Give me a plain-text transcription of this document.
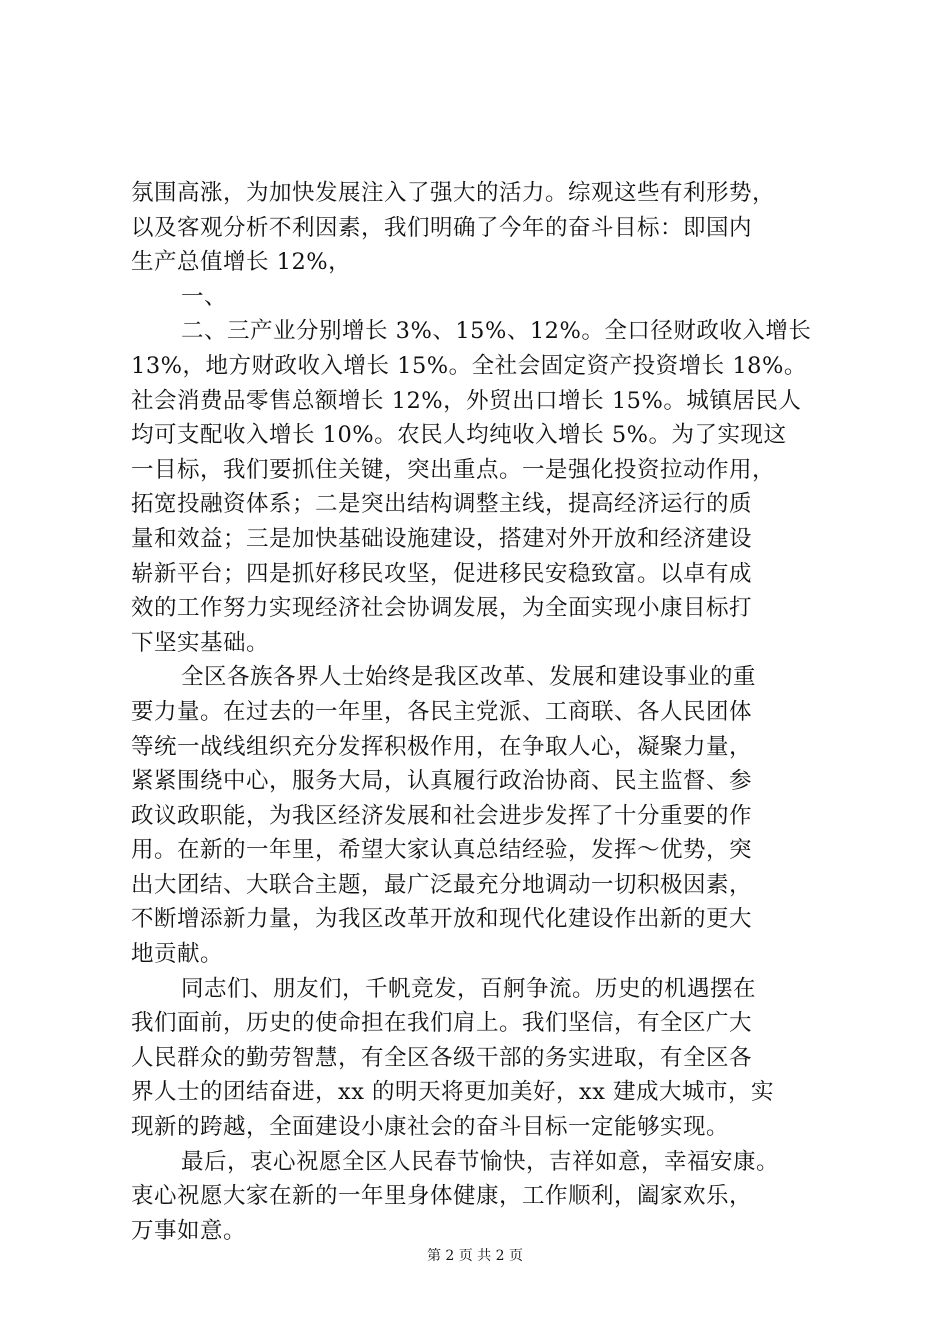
氛围高涨，为加快发展注入了强大的活力。综观这些有利形势，
以及客观分析不利因素，我们明确了今年的奋斗目标：即国内
生产总值增长 12%，
一、
二、三产业分别增长 3%、15%、12%。全口径财政收入增长
13%，地方财政收入增长 15%。全社会固定资产投资增长 18%。
社会消费品零售总额增长 12%，外贸出口增长 15%。城镇居民人
均可支配收入增长 10%。农民人均纯收入增长 5%。为了实现这
一目标，我们要抓住关键，突出重点。一是强化投资拉动作用，
拓宽投融资体系；二是突出结构调整主线，提高经济运行的质
量和效益；三是加快基础设施建设，搭建对外开放和经济建设
崭新平台；四是抓好移民攻坚，促进移民安稳致富。以卓有成
效的工作努力实现经济社会协调发展，为全面实现小康目标打
下坚实基础。
全区各族各界人士始终是我区改革、发展和建设事业的重
要力量。在过去的一年里，各民主党派、工商联、各人民团体
等统一战线组织充分发挥积极作用，在争取人心，凝聚力量，
紧紧围绕中心，服务大局，认真履行政治协商、民主监督、参
政议政职能，为我区经济发展和社会进步发挥了十分重要的作
用。在新的一年里，希望大家认真总结经验，发挥～优势，突
出大团结、大联合主题，最广泛最充分地调动一切积极因素，
不断增添新力量，为我区改革开放和现代化建设作出新的更大
地贡献。
同志们、朋友们，千帆竞发，百舸争流。历史的机遇摆在
我们面前，历史的使命担在我们肩上。我们坚信，有全区广大
人民群众的勤劳智慧，有全区各级干部的务实进取，有全区各
界人士的团结奋进，xx 的明天将更加美好，xx 建成大城市，实
现新的跨越，全面建设小康社会的奋斗目标一定能够实现。
最后，衷心祝愿全区人民春节愉快，吉祥如意，幸福安康。
衷心祝愿大家在新的一年里身体健康，工作顺利，阖家欢乐，
万事如意。
第 2 页 共 2 页
